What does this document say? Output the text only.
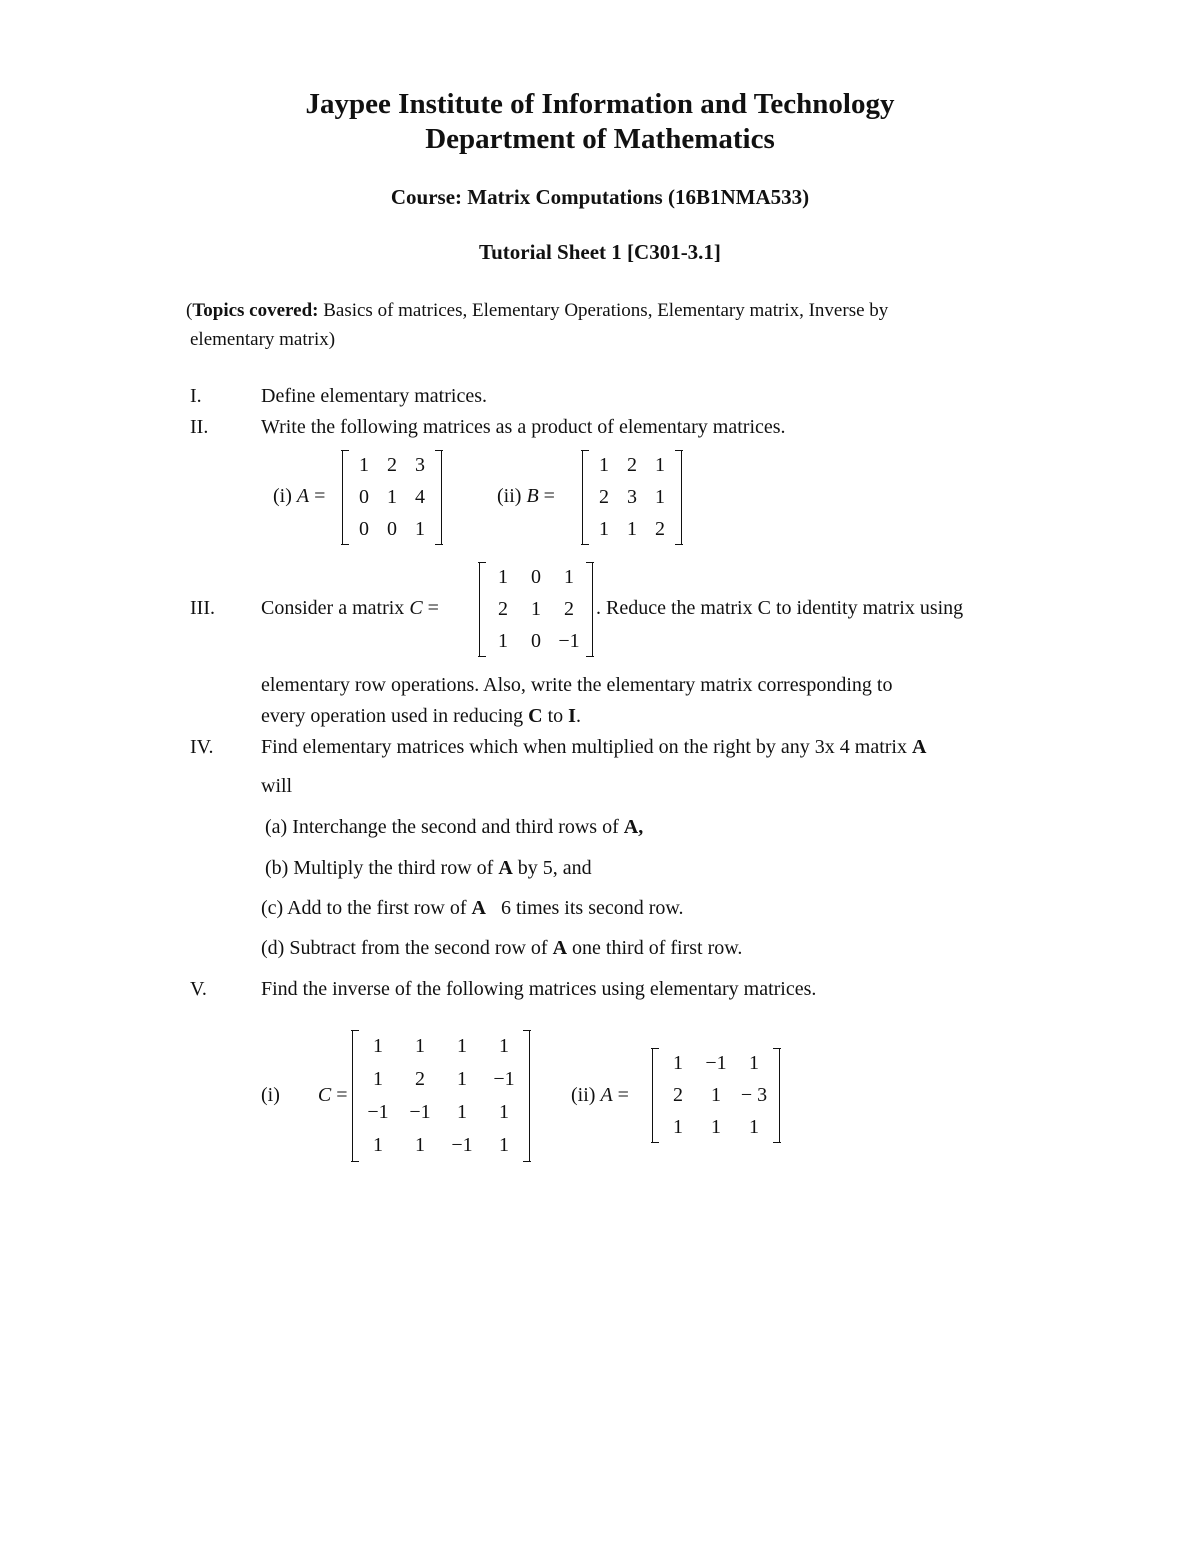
Jaypee Institute of Information and Technology
Department of Mathematics
Course: Matrix Computations (16B1NMA533)
Tutorial Sheet 1 [C301-3.1]
(Topics covered: Basics of matrices, Elementary Operations, Elementary matrix, Inverse by
elementary matrix)
I.	Define elementary matrices.
II.	Write the following matrices as a product of elementary matrices.
(i) A =
1 2 3
0 1 4
0 0 1
(ii) B =
1 2 1
2 3 1
1 1 2
III. Consider a matrix C =
1	0	1
2	1	2
1	0 −1
. Reduce the matrix C to identity matrix using
elementary row operations. Also, write the elementary matrix corresponding to
every operation used in reducing C to I.
IV. Find elementary matrices which when multiplied on the right by any 3x 4 matrix A
will
(a) Interchange the second and third rows of A,
(b) Multiply the third row of A by 5, and
(c) Add to the first row of A   6 times its second row.
(d) Subtract from the second row of A one third of first row.
V.	Find the inverse of the following matrices using elementary matrices.
(i) C =
1	1	1	1
1	2	1	−1
−1 −1	1	1
1	1	−1	1
(ii) A =
1	−1	1
2	1 − 3
1	1	1
